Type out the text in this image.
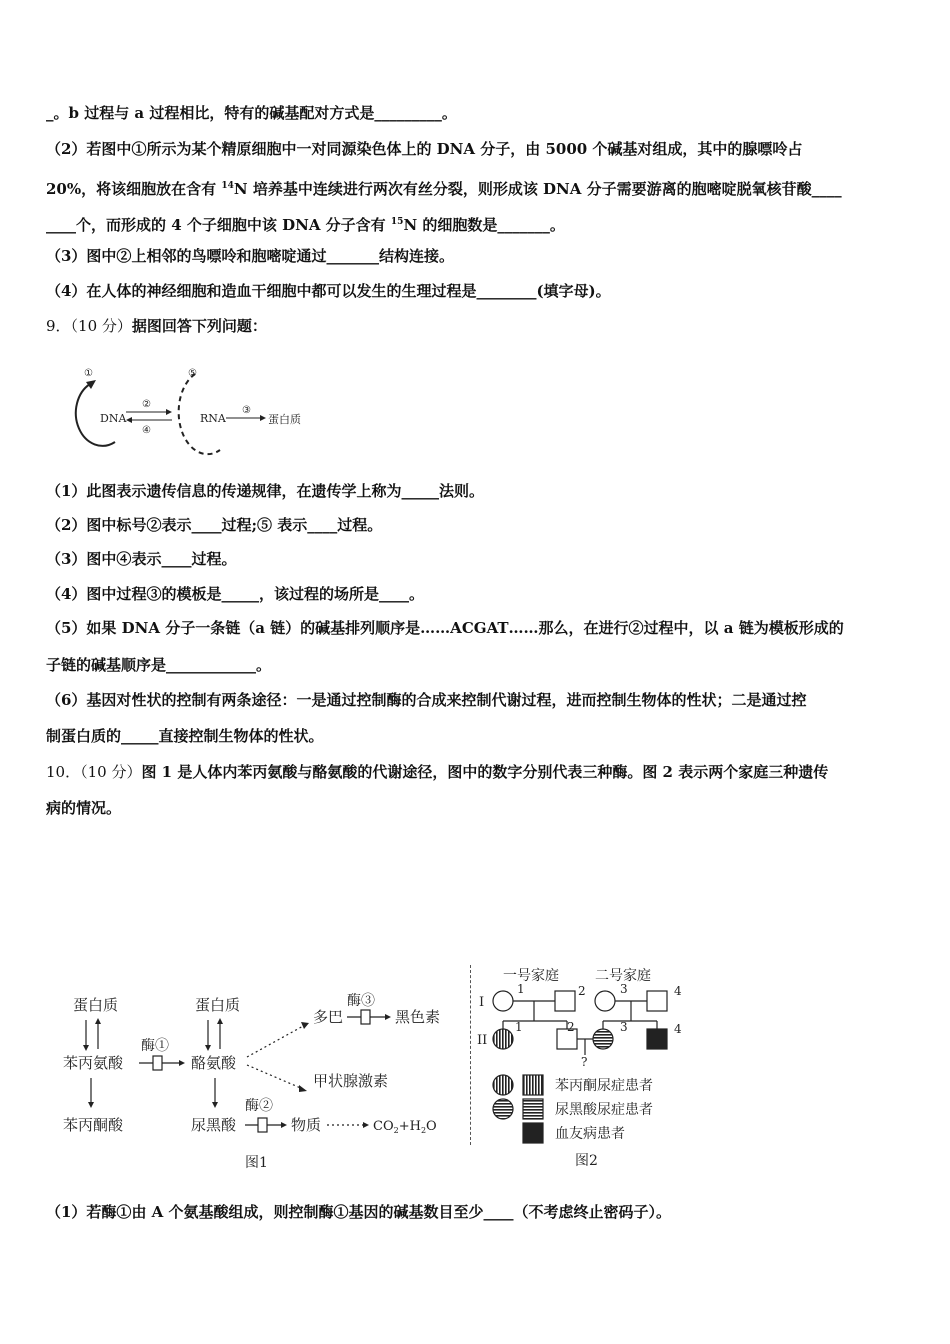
_。b 过程与 a 过程相比，特有的碱基配对方式是_________。
（2）若图中①所示为某个精原细胞中一对同源染色体上的 DNA 分子，由 5000 个碱基对组成，其中的腺嘌呤占
20%，将该细胞放在含有 $^{14}$N 培养基中连续进行两次有丝分裂，则形成该 DNA 分子需要游离的胞嘧啶脱氧核苷酸____
____个，而形成的 4 个子细胞中该 DNA 分子含有 $^{15}$N 的细胞数是_______。
（3）图中②上相邻的鸟嘌呤和胞嘧啶通过_______结构连接。
（4）在人体的神经细胞和造血干细胞中都可以发生的生理过程是________(填字母)。
9．（10 分）据图回答下列问题：
①
DNA
②
④
⑤
RNA
③
蛋白质
（1）此图表示遗传信息的传递规律，在遗传学上称为_____法则。
（2）图中标号②表示____过程;⑤ 表示____过程。
（3）图中④表示____过程。
（4）图中过程③的模板是_____，该过程的场所是____。
（5）如果 DNA 分子一条链（a 链）的碱基排列顺序是……ACGAT……那么，在进行②过程中，以 a 链为模板形成的
子链的碱基顺序是____________。
（6）基因对性状的控制有两条途径：一是通过控制酶的合成来控制代谢过程，进而控制生物体的性状；二是通过控
制蛋白质的_____直接控制生物体的性状。
10．（10 分）图 1 是人体内苯丙氨酸与酪氨酸的代谢途径，图中的数字分别代表三种酶。图 2 表示两个家庭三种遗传
病的情况。
蛋白质
苯丙氨酸
苯丙酮酸
酶①
蛋白质
酪氨酸
尿黑酸
多巴
酶③
黑色素
甲状腺激素
酶②
物质	$CO_2+H_2O$
图1
一号家庭	二号家庭
I
II
1	2	3	4
1	2	3	4
?
苯丙酮尿症患者
尿黑酸尿症患者
血友病患者
图2
（1）若酶①由 A 个氨基酸组成，则控制酶①基因的碱基数目至少____（不考虑终止密码子）。
